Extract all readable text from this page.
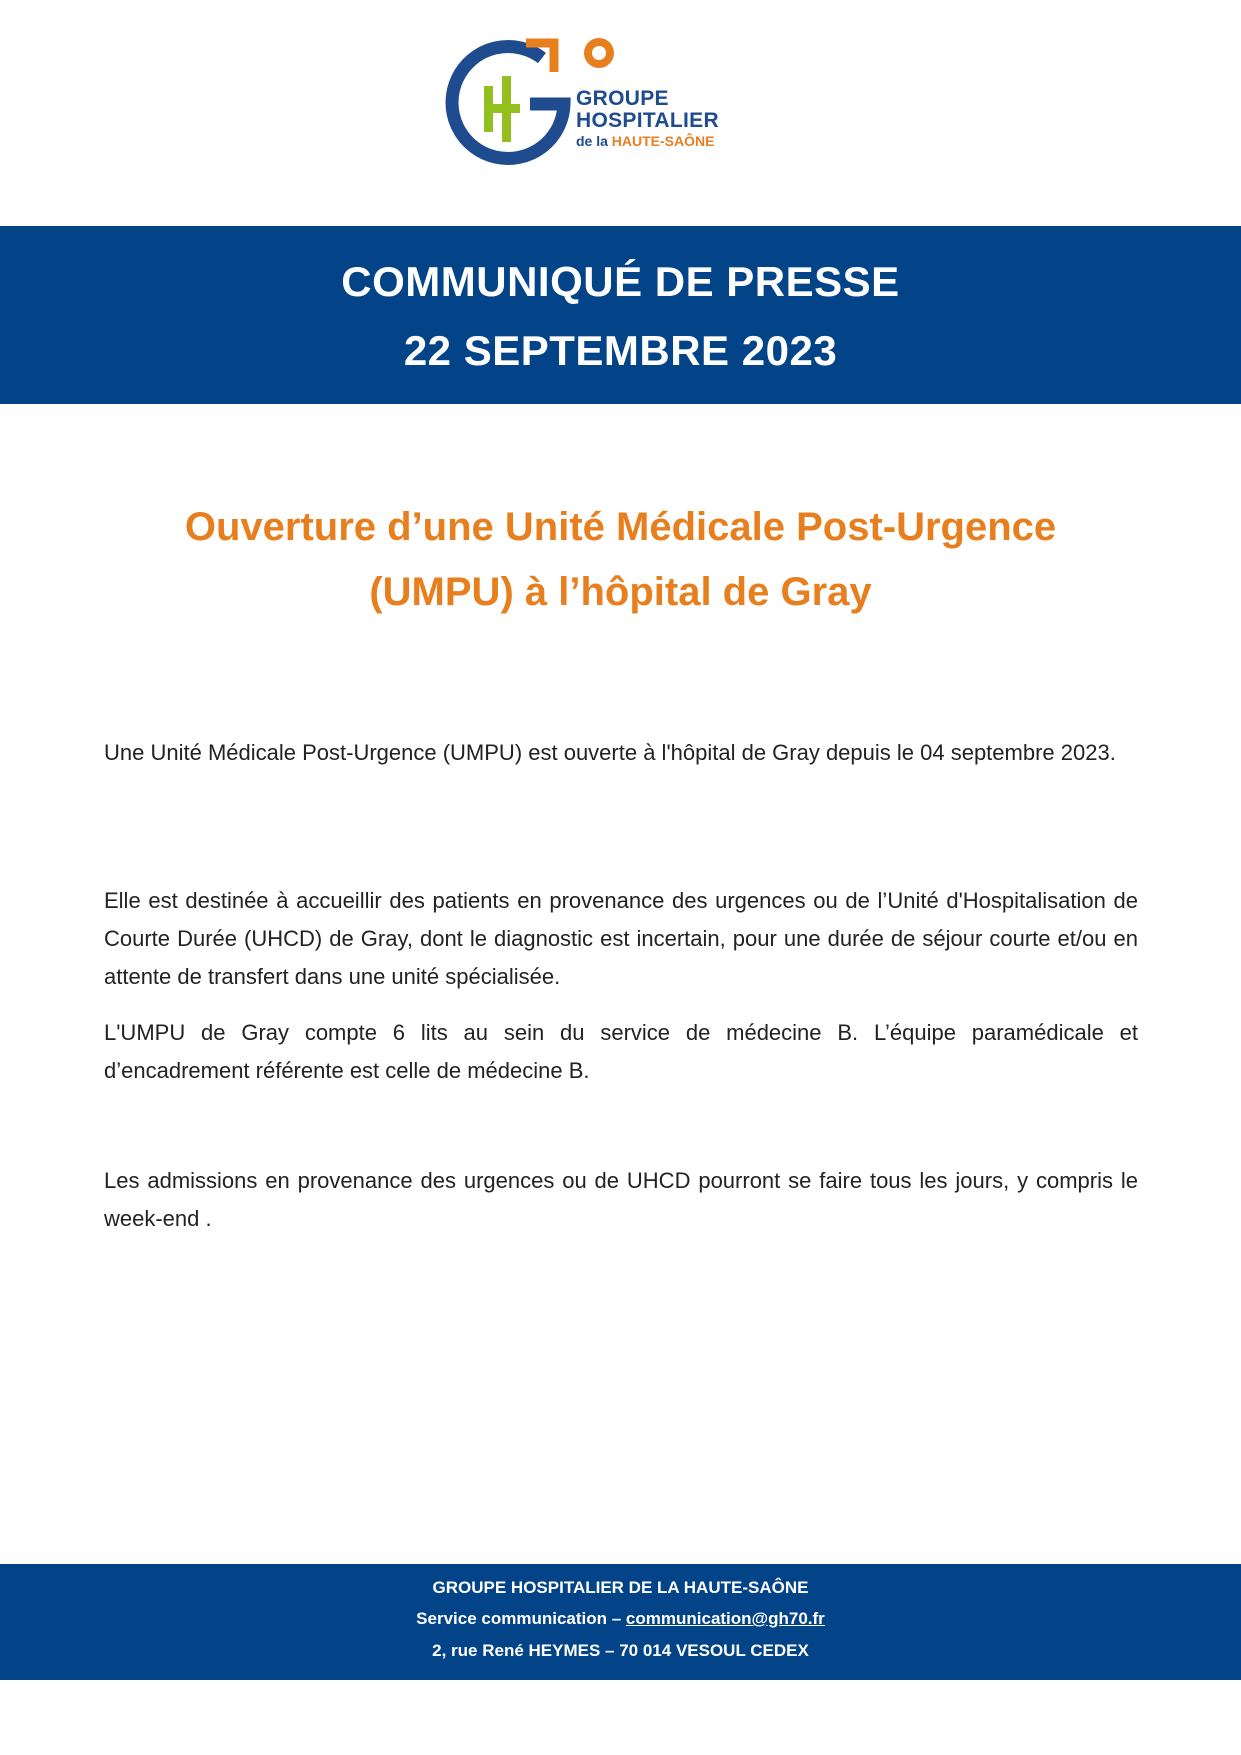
GROUPE
HOSPITALIER
de la HAUTE-SAÔNE
COMMUNIQUÉ DE PRESSE
22 SEPTEMBRE 2023
Ouverture d’une Unité Médicale Post-Urgence
(UMPU) à l’hôpital de Gray
Une Unité Médicale Post-Urgence (UMPU) est ouverte à l'hôpital de Gray depuis le 04 septembre 2023.
Elle est destinée à accueillir des patients en provenance des urgences ou de l’Unité d'Hospitalisation de Courte Durée (UHCD) de Gray, dont le diagnostic est incertain, pour une durée de séjour courte et/ou en attente de transfert dans une unité spécialisée.
L'UMPU de Gray compte 6 lits au sein du service de médecine B. L’équipe paramédicale et d’encadrement référente est celle de médecine B.
Les admissions en provenance des urgences ou de UHCD pourront se faire tous les jours, y compris le week-end .
GROUPE HOSPITALIER DE LA HAUTE-SAÔNE
Service communication – communication@gh70.fr
2, rue René HEYMES – 70 014 VESOUL CEDEX
